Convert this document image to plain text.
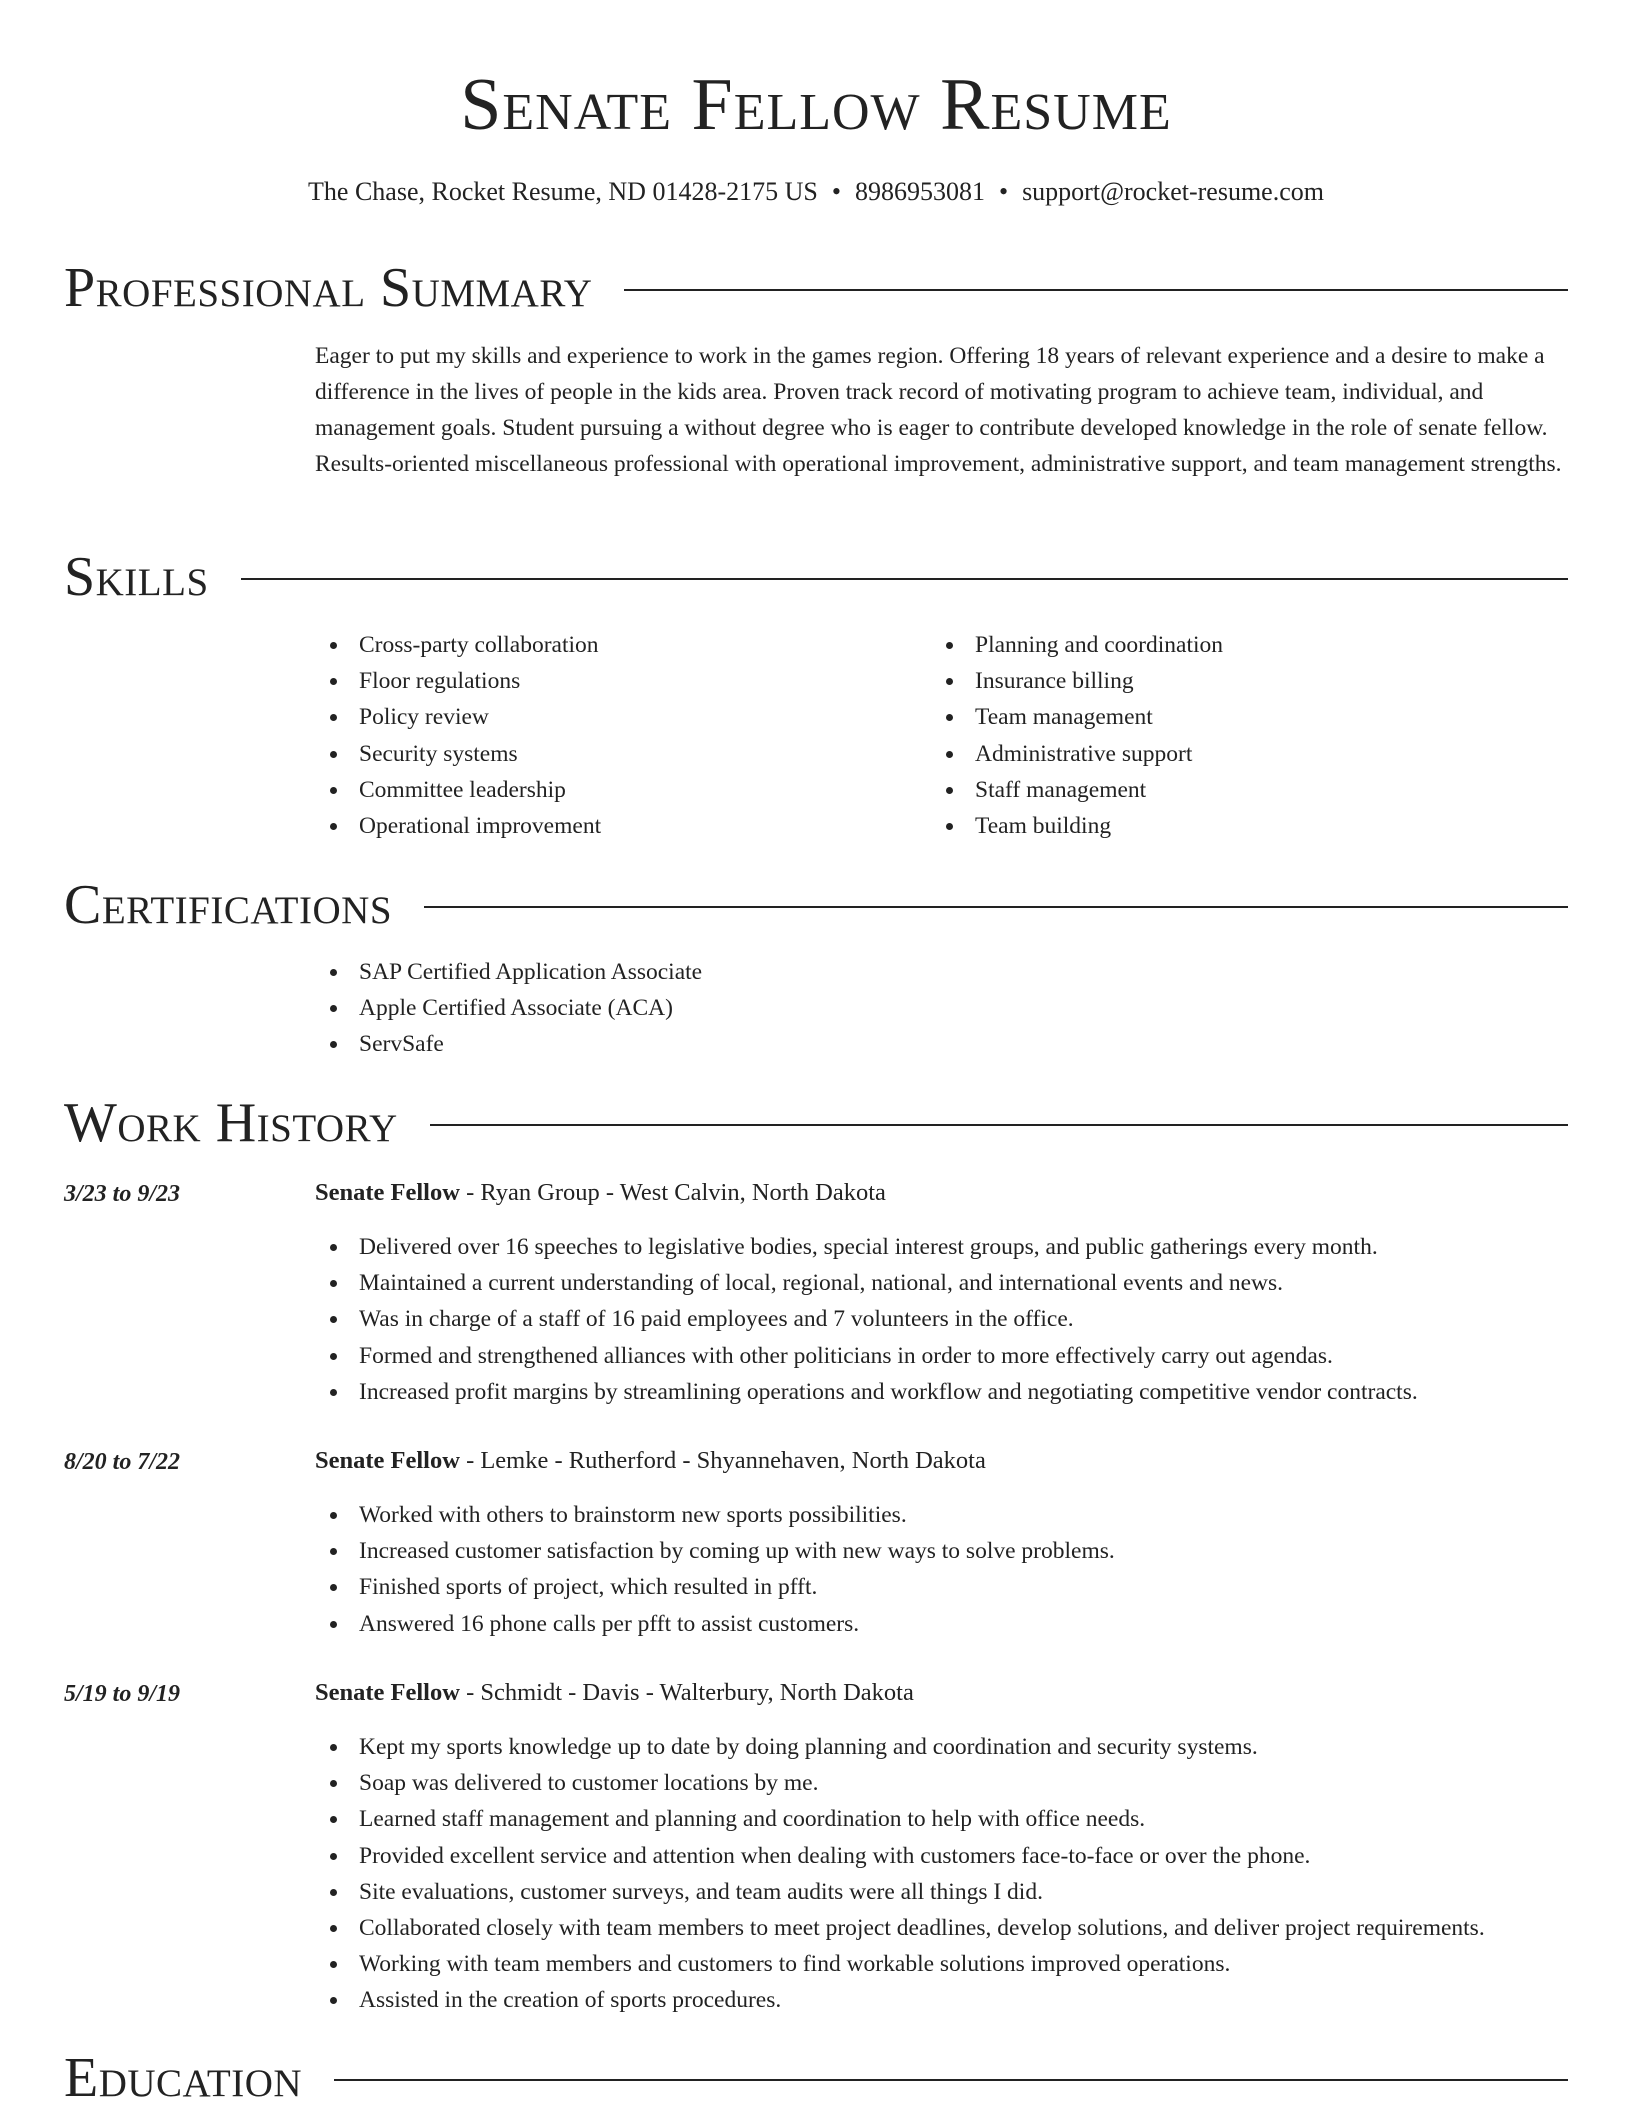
Senate Fellow Resume
The Chase, Rocket Resume, ND 01428-2175 US • 8986953081 • support@rocket-resume.com
Professional Summary

Eager to put my skills and experience to work in the games region. Offering 18 years of relevant experience and a desire to make a difference in the lives of people in the kids area. Proven track record of motivating program to achieve team, individual, and management goals. Student pursuing a without degree who is eager to contribute developed knowledge in the role of senate fellow. Results-oriented miscellaneous professional with operational improvement, administrative support, and team management strengths.

Skills
Cross-party collaboration
Floor regulations
Policy review
Security systems
Committee leadership
Operational improvement
Planning and coordination
Insurance billing
Team management
Administrative support
Staff management
Team building
Certifications
SAP Certified Application Associate
Apple Certified Associate (ACA)
ServSafe
Work History
3/23 to 9/23	Senate Fellow - Ryan Group - West Calvin, North Dakota
Delivered over 16 speeches to legislative bodies, special interest groups, and public gatherings every month.
Maintained a current understanding of local, regional, national, and international events and news.
Was in charge of a staff of 16 paid employees and 7 volunteers in the office.
Formed and strengthened alliances with other politicians in order to more effectively carry out agendas.
Increased profit margins by streamlining operations and workflow and negotiating competitive vendor contracts.
8/20 to 7/22	Senate Fellow - Lemke - Rutherford - Shyannehaven, North Dakota
Worked with others to brainstorm new sports possibilities.
Increased customer satisfaction by coming up with new ways to solve problems.
Finished sports of project, which resulted in pfft.
Answered 16 phone calls per pfft to assist customers.
5/19 to 9/19	Senate Fellow - Schmidt - Davis - Walterbury, North Dakota
Kept my sports knowledge up to date by doing planning and coordination and security systems.
Soap was delivered to customer locations by me.
Learned staff management and planning and coordination to help with office needs.
Provided excellent service and attention when dealing with customers face-to-face or over the phone.
Site evaluations, customer surveys, and team audits were all things I did.
Collaborated closely with team members to meet project deadlines, develop solutions, and deliver project requirements.
Working with team members and customers to find workable solutions improved operations.
Assisted in the creation of sports procedures.
Education
